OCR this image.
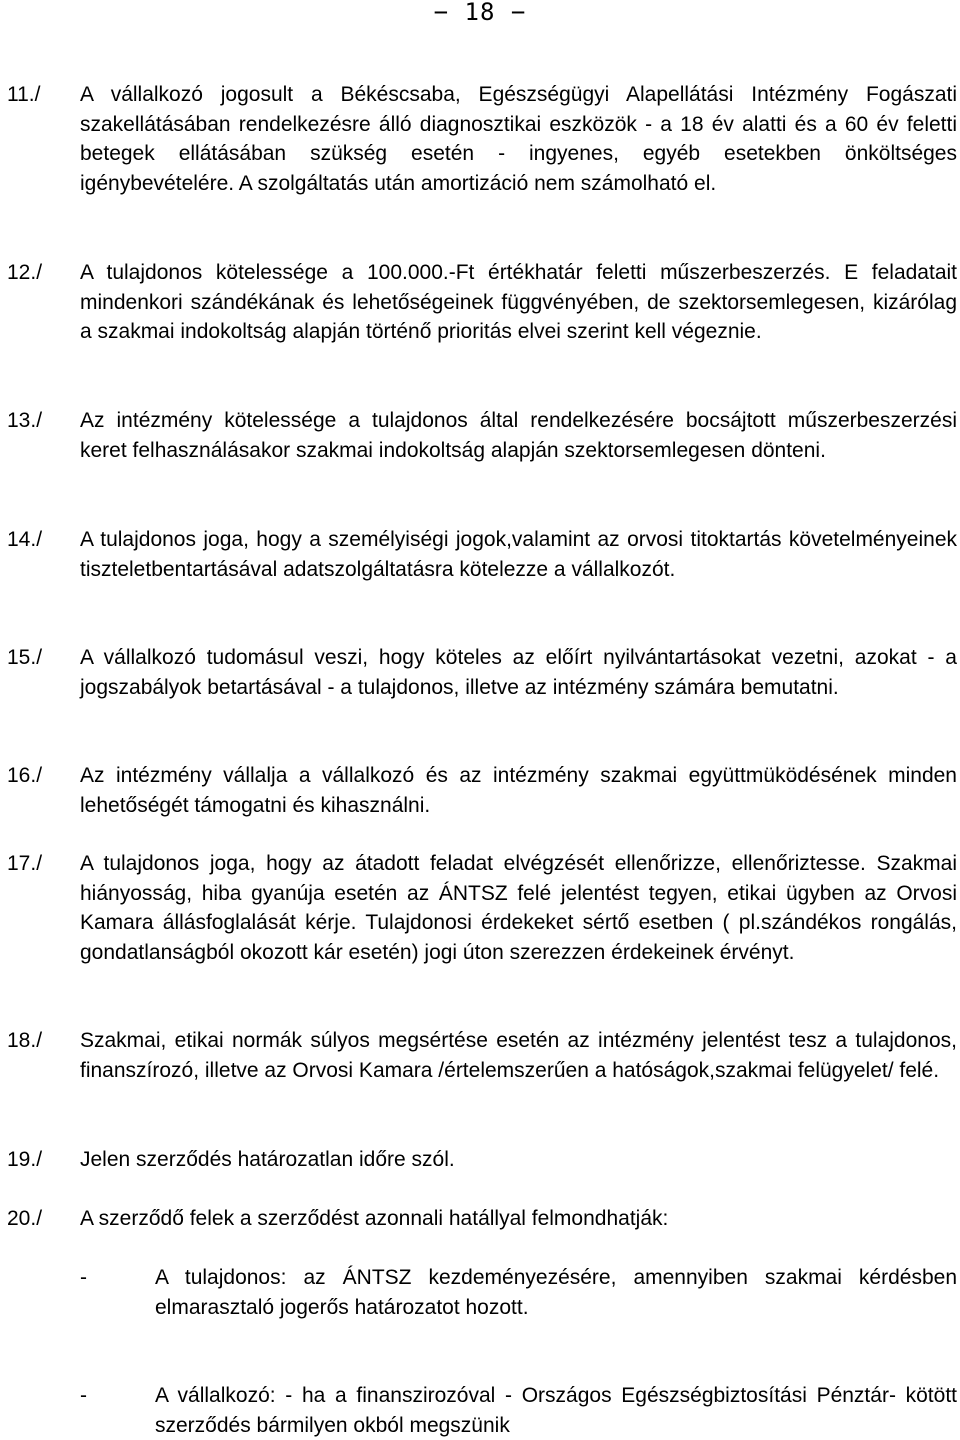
− 18 −
11./ A vállalkozó jogosult a Békéscsaba, Egészségügyi Alapellátási Intézmény Fogászati szakellátásában rendelkezésre álló diagnosztikai eszközök - a 18 év alatti és a 60 év feletti betegek ellátásában szükség esetén - ingyenes, egyéb esetekben önköltséges igénybevételére. A szolgáltatás után amortizáció nem számolható el.
12./ A tulajdonos kötelessége a 100.000.-Ft értékhatár feletti műszerbeszerzés. E feladatait mindenkori szándékának és lehetőségeinek függvényében, de szektorsemlegesen, kizárólag a szakmai indokoltság alapján történő prioritás elvei szerint kell végeznie.
13./ Az intézmény kötelessége a tulajdonos által rendelkezésére bocsájtott műszerbeszerzési keret felhasználásakor szakmai indokoltság alapján szektorsemlegesen dönteni.
14./ A tulajdonos joga, hogy a személyiségi jogok,valamint az orvosi titoktartás követelményeinek tiszteletbentartásával adatszolgáltatásra kötelezze a vállalkozót.
15./ A vállalkozó tudomásul veszi, hogy köteles az előírt nyilvántartásokat vezetni, azokat - a jogszabályok betartásával - a tulajdonos, illetve az intézmény számára bemutatni.
16./ Az intézmény vállalja a vállalkozó és az intézmény szakmai együttmüködésének minden lehetőségét támogatni és kihasználni.
17./ A tulajdonos joga, hogy az átadott feladat elvégzését ellenőrizze, ellenőriztesse. Szakmai hiányosság, hiba gyanúja esetén az ÁNTSZ felé jelentést tegyen, etikai ügyben az Orvosi Kamara állásfoglalását kérje. Tulajdonosi érdekeket sértő esetben ( pl.szándékos rongálás, gondatlanságból okozott kár esetén) jogi úton szerezzen érdekeinek érvényt.
18./ Szakmai, etikai normák súlyos megsértése esetén az intézmény jelentést tesz a tulajdonos, finanszírozó, illetve az Orvosi Kamara /értelemszerűen a hatóságok,szakmai felügyelet/ felé.
19./ Jelen szerződés határozatlan időre szól.
20./ A szerződő felek a szerződést azonnali hatállyal felmondhatják:
-	A tulajdonos: az ÁNTSZ kezdeményezésére, amennyiben szakmai kérdésben elmarasztaló jogerős határozatot hozott.
-	A vállalkozó: - ha a finanszirozóval - Országos Egészségbiztosítási Pénztár- kötött szerződés bármilyen okból megszünik
